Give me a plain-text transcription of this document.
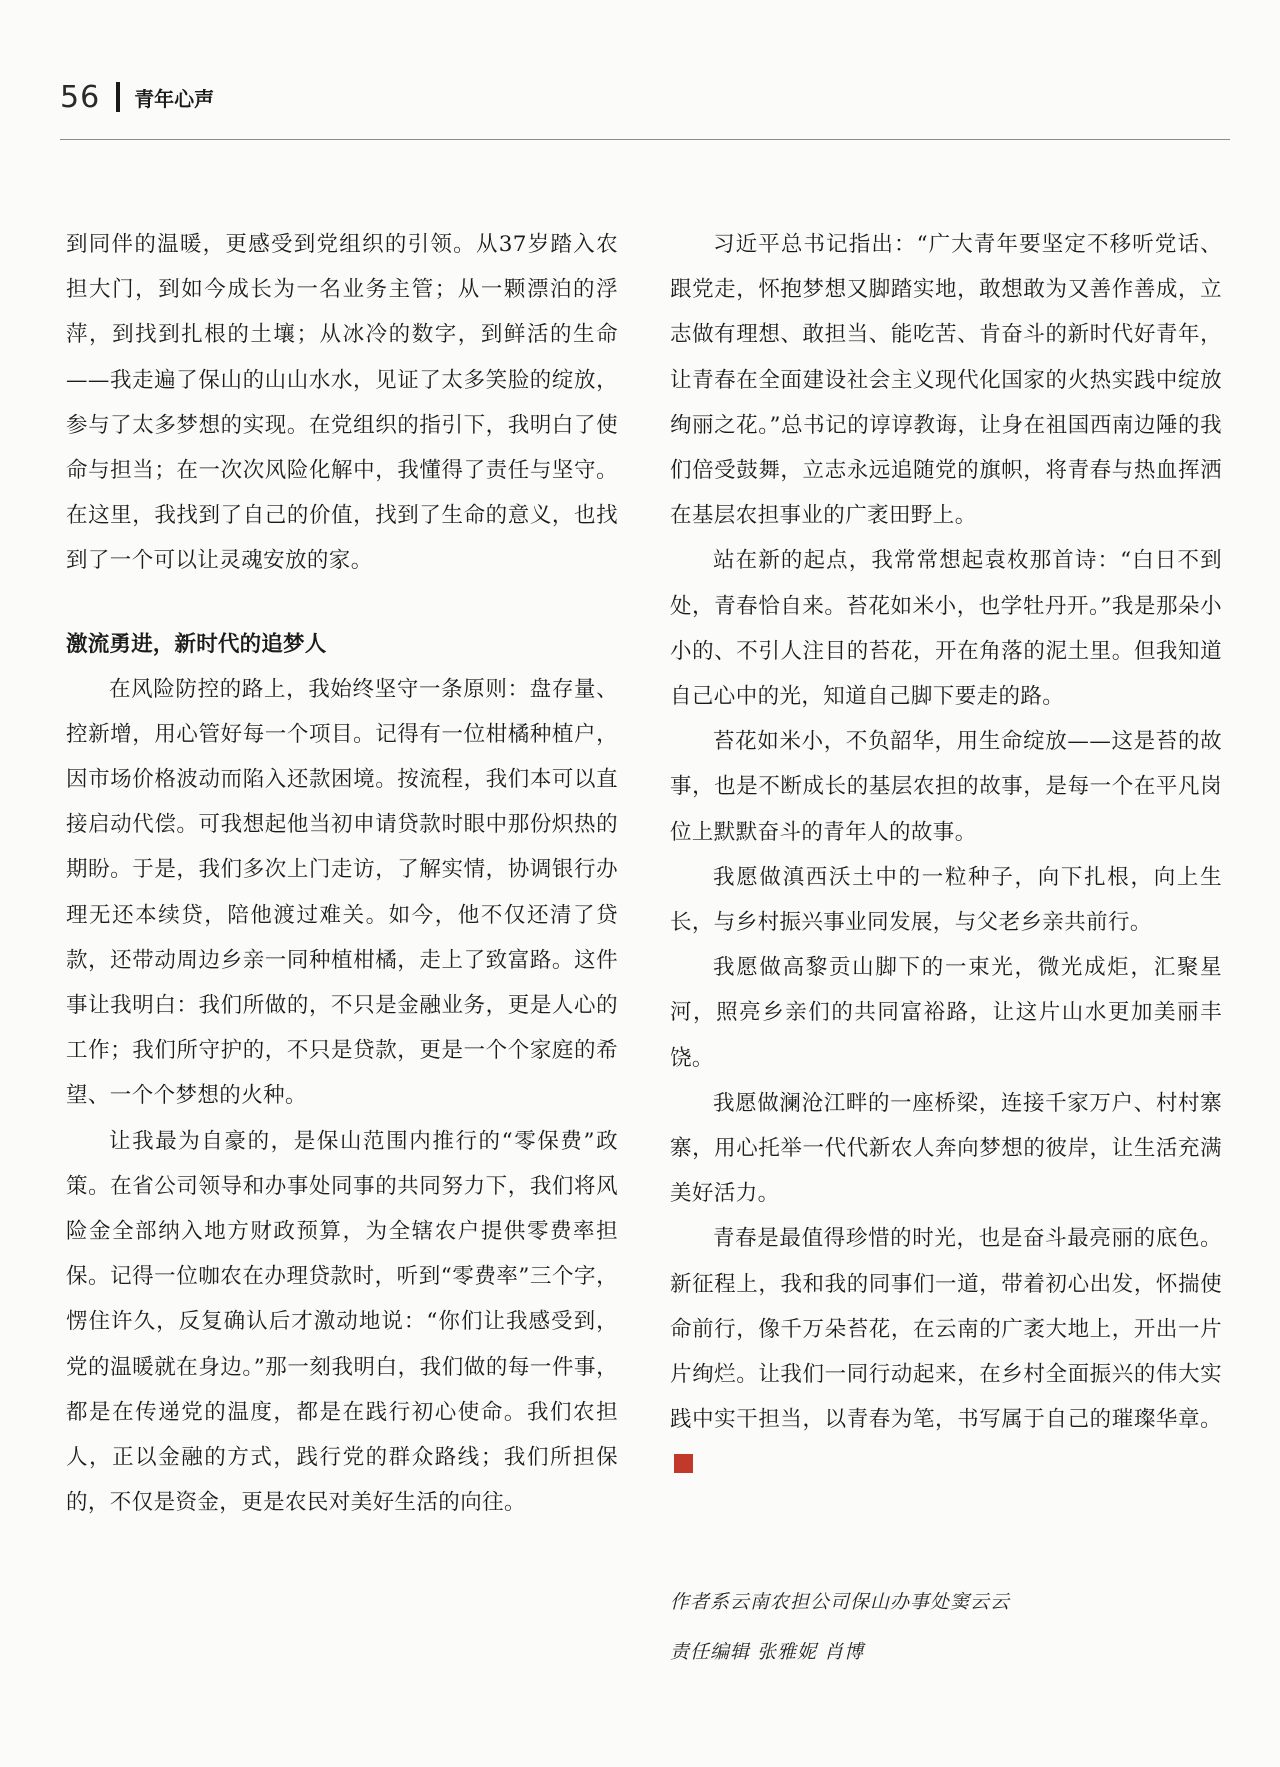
56 青年心声

到同伴的温暖，更感受到党组织的引领。从37岁踏入农担大门，到如今成长为一名业务主管；从一颗漂泊的浮萍，到找到扎根的土壤；从冰冷的数字，到鲜活的生命——我走遍了保山的山山水水，见证了太多笑脸的绽放，参与了太多梦想的实现。在党组织的指引下，我明白了使命与担当；在一次次风险化解中，我懂得了责任与坚守。在这里，我找到了自己的价值，找到了生命的意义，也找到了一个可以让灵魂安放的家。

激流勇进，新时代的追梦人

在风险防控的路上，我始终坚守一条原则：盘存量、控新增，用心管好每一个项目。记得有一位柑橘种植户，因市场价格波动而陷入还款困境。按流程，我们本可以直接启动代偿。可我想起他当初申请贷款时眼中那份炽热的期盼。于是，我们多次上门走访，了解实情，协调银行办理无还本续贷，陪他渡过难关。如今，他不仅还清了贷款，还带动周边乡亲一同种植柑橘，走上了致富路。这件事让我明白：我们所做的，不只是金融业务，更是人心的工作；我们所守护的，不只是贷款，更是一个个家庭的希望、一个个梦想的火种。

让我最为自豪的，是保山范围内推行的“零保费”政策。在省公司领导和办事处同事的共同努力下，我们将风险金全部纳入地方财政预算，为全辖农户提供零费率担保。记得一位咖农在办理贷款时，听到“零费率”三个字，愣住许久，反复确认后才激动地说：“你们让我感受到，党的温暖就在身边。”那一刻我明白，我们做的每一件事，都是在传递党的温度，都是在践行初心使命。我们农担人，正以金融的方式，践行党的群众路线；我们所担保的，不仅是资金，更是农民对美好生活的向往。

习近平总书记指出：“广大青年要坚定不移听党话、跟党走，怀抱梦想又脚踏实地，敢想敢为又善作善成，立志做有理想、敢担当、能吃苦、肯奋斗的新时代好青年，让青春在全面建设社会主义现代化国家的火热实践中绽放绚丽之花。”总书记的谆谆教诲，让身在祖国西南边陲的我们倍受鼓舞，立志永远追随党的旗帜，将青春与热血挥洒在基层农担事业的广袤田野上。

站在新的起点，我常常想起袁枚那首诗：“白日不到处，青春恰自来。苔花如米小，也学牡丹开。”我是那朵小小的、不引人注目的苔花，开在角落的泥土里。但我知道自己心中的光，知道自己脚下要走的路。

苔花如米小，不负韶华，用生命绽放——这是苔的故事，也是不断成长的基层农担的故事，是每一个在平凡岗位上默默奋斗的青年人的故事。

我愿做滇西沃土中的一粒种子，向下扎根，向上生长，与乡村振兴事业同发展，与父老乡亲共前行。

我愿做高黎贡山脚下的一束光，微光成炬，汇聚星河，照亮乡亲们的共同富裕路，让这片山水更加美丽丰饶。

我愿做澜沧江畔的一座桥梁，连接千家万户、村村寨寨，用心托举一代代新农人奔向梦想的彼岸，让生活充满美好活力。

青春是最值得珍惜的时光，也是奋斗最亮丽的底色。新征程上，我和我的同事们一道，带着初心出发，怀揣使命前行，像千万朵苔花，在云南的广袤大地上，开出一片片绚烂。让我们一同行动起来，在乡村全面振兴的伟大实践中实干担当，以青春为笔，书写属于自己的璀璨华章。

作者系云南农担公司保山办事处窦云云
责任编辑 张雅妮 肖博
